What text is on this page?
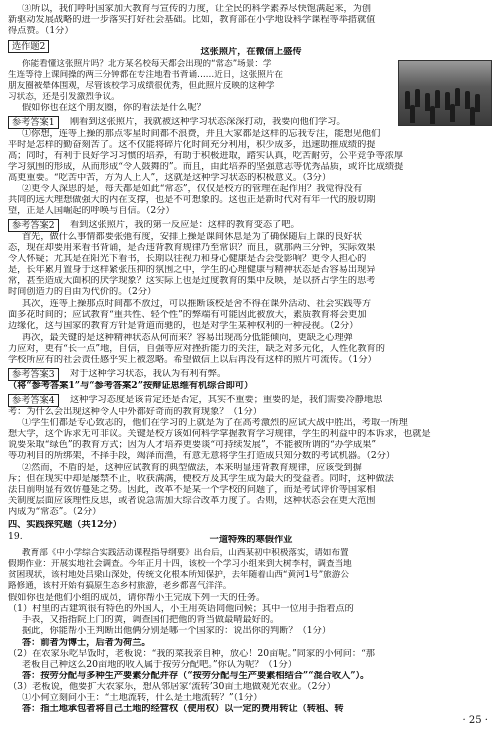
③所以，我们呼吁国家加大教育与宣传的力度，让全民的科学素养尽快饱满起来，为创
新驱动发展战略的进一步落实打好社会基础。比如，教育部在小学地设科学课程等举措就值
得点赞。（1分）
选作题2	这张照片，在微信上盛传
你能看懂这张照片吗？北方某名校每天都会出现的“常态”场景：学
生连等待上课间操的两三分钟都在专注地看书背诵……近日，这张照片在
朋友圈被晕体围观，尽管该校学习成绩很优秀，但此照片反映的这种学
习状态，还是引发激烈争议。
假如你也在这个朋友圈，你的看法是什么呢？
参考答案1	刚看到这张照片，我就被这种学习状态深深打动，我要向他们学习。
①你想，连等上操的那点零星时间都不浪费，并且大家都是这样的忘我专注，能想见他们
平时是怎样的勤奋刻苦了。这不仅能将碎片化时间充分利用，积少成多，迅速助推成绩的提
高；同时，有利于良好学习习惯的培养，有助于积极进取，踏实认真，吃苦耐劳，公平竞争等浓厚
学习氛围的形成，从而形成“令人鼓舞的”。而且，由此培养的坚强意志等优秀品质，或许比成绩提
高更重要。“吃苦中苦，方为人上人”，这就是这种学习状态的积极意义。（3分）
②更令人深思的是，每天都是如此“常态”，仅仅是校方的管理在起作用？我觉得没有
共同的远大理想做强大的内在支撑，也是不可想象的。这也正是新时代对有年一代的殷切期
望，正是人国崛起的呼唤与自信。（2分）
参考答案2	看到这张照片，我的第一反应是：这样的教育变态了吧。
首先，做什么事情都要张弛有度，安排上操是课间休息是为了确保随后上课的良好状
态，现在却要用来看书背诵，是否违背教育规律乃至常识？而且，就那两三分钟，实际效果
令人怀疑；尤其是在阳光下看书，长期以往视力和身心健康是否会受影响？更令人担心的
是，长年累月置身于这样紧张压抑的氛围之中，学生的心理健康与精神状态是否容易出现异
常，甚至造成大面积的厌学现象？这实际上也是过度教育的集中反映，是以挤占学生的思考
时间创造力的自由为代价的。（2分）
其次，连等上操那点时间都不放过，可以推断该校是舍不得在课外活动、社会实践等方
面多花时间的；应试教育“重共性、轻个性”的弊端有可能因此被放大，素质教育将会更加
边缘化，这与国家的教育方针是背道而驰的，也是对学生某种权利的一种浸视。（2分）
再次，最关键的是这种精神状态从何而来？容易出现高分低能倾向，更缺乏心理弹
力应对，更有“长一点”地，自信，自强等应对挫折能力的关注，缺乏对多元化，人性化教育的
学校所应有的社会责任感乎实上被忽略。希望做信上以后再没有这样的照片可流传。（1分）
参考答案3	对于这种学习状态，我认为有利有弊。
（将“参考答案1”与“参考答案2”按辩证思维有机综合即可）
参考答案4	这种学习态度是该肯定还是否定，其实不重要；重要的是，我们需要冷静地思
考：为什么会出现这种令人中外都好奇而的教育现象？（1分）
①学生们都是专心致志的，他们在学习的上就是为了在高考激烈的应试大战中胜出，考取一所理
想大学，这个诉求无可非议。关键是校方该如何科学掌握教育学习规律，学生的利益中的本诉求，也就是
说要采取“绿色”的教育方式；因为人才培养更要谈“可持续发展”，不能被所谓的“办学成果”
等功利目的所绑架，不择手段，竭泽而渔，有意无意将学生打造成只知分数的考试机器。（2分）
②然而，不盾的是，这种应试教育的典型做法，本来明显违背教育规律，应该受到摒
斥；但在现实中却是屡禁不止，收获满满，便校方及其学生成为最大的受益者。同时，这种做法
法日前明显有效仿蔓延之势。因此，改革不是某一个学校的问题了，而是考试评价等国家相
关制度层面应该理性反思，或者说急需加大综合改革力度了。否则，这种状态会在更大范围
内成为“常态”。（2分）
四、实践探究题（共12分）
19.	一道特殊的寒假作业
教育部《中小学综合实践活动课程指导纲要》出台后，山西某初中积极落实，请如布置
假期作业：开展实地社会调查。今年正月十四，该校一个学习小组来到大树李村，调查当地
贫困现状，该村地处吕梁山深处，传统文化根本所知保护，去年随着山西“黄河1号”旅游公
路修通，该村开始有搞原生态乡村旅游，老乡都喜气洋洋。
假如你也是他们小组的成员，请你帮小王完成下列一天的任务。
（1）村里的古建筑很有特色的外国人，小王用英语同他问候；其中一位用手指着点的
手表，又指指院上门的黄，调查国们把他的背当做最晴最好的。
据此，你能帮小王判断出他俩分别是哪一个国家的：说出你的判断？（1分）
答：前者为博士，后者为荷兰。
（2）在农家乐吃早饭时，老板说：“我的菜我亲自种，放心！20亩呢。”同家的小何问：“那
老板自己种这么20亩地的收入属于按劳分配吧。”你认为呢？（1分）
答：按劳分配与多种生产要素分配并存（“按劳分配与生产要素相结合”“混合收入”）。
（3）老板说，他要扩大农家乐，想从邻居家‘流转’30亩土地做观光农业。（2分）
①小何立刻问小王：“土地流转，什么是土地流转？”（1分）
答：指土地承包者将自己土地的经营权（使用权）以一定的费用转让（转租、转
· 25 ·
